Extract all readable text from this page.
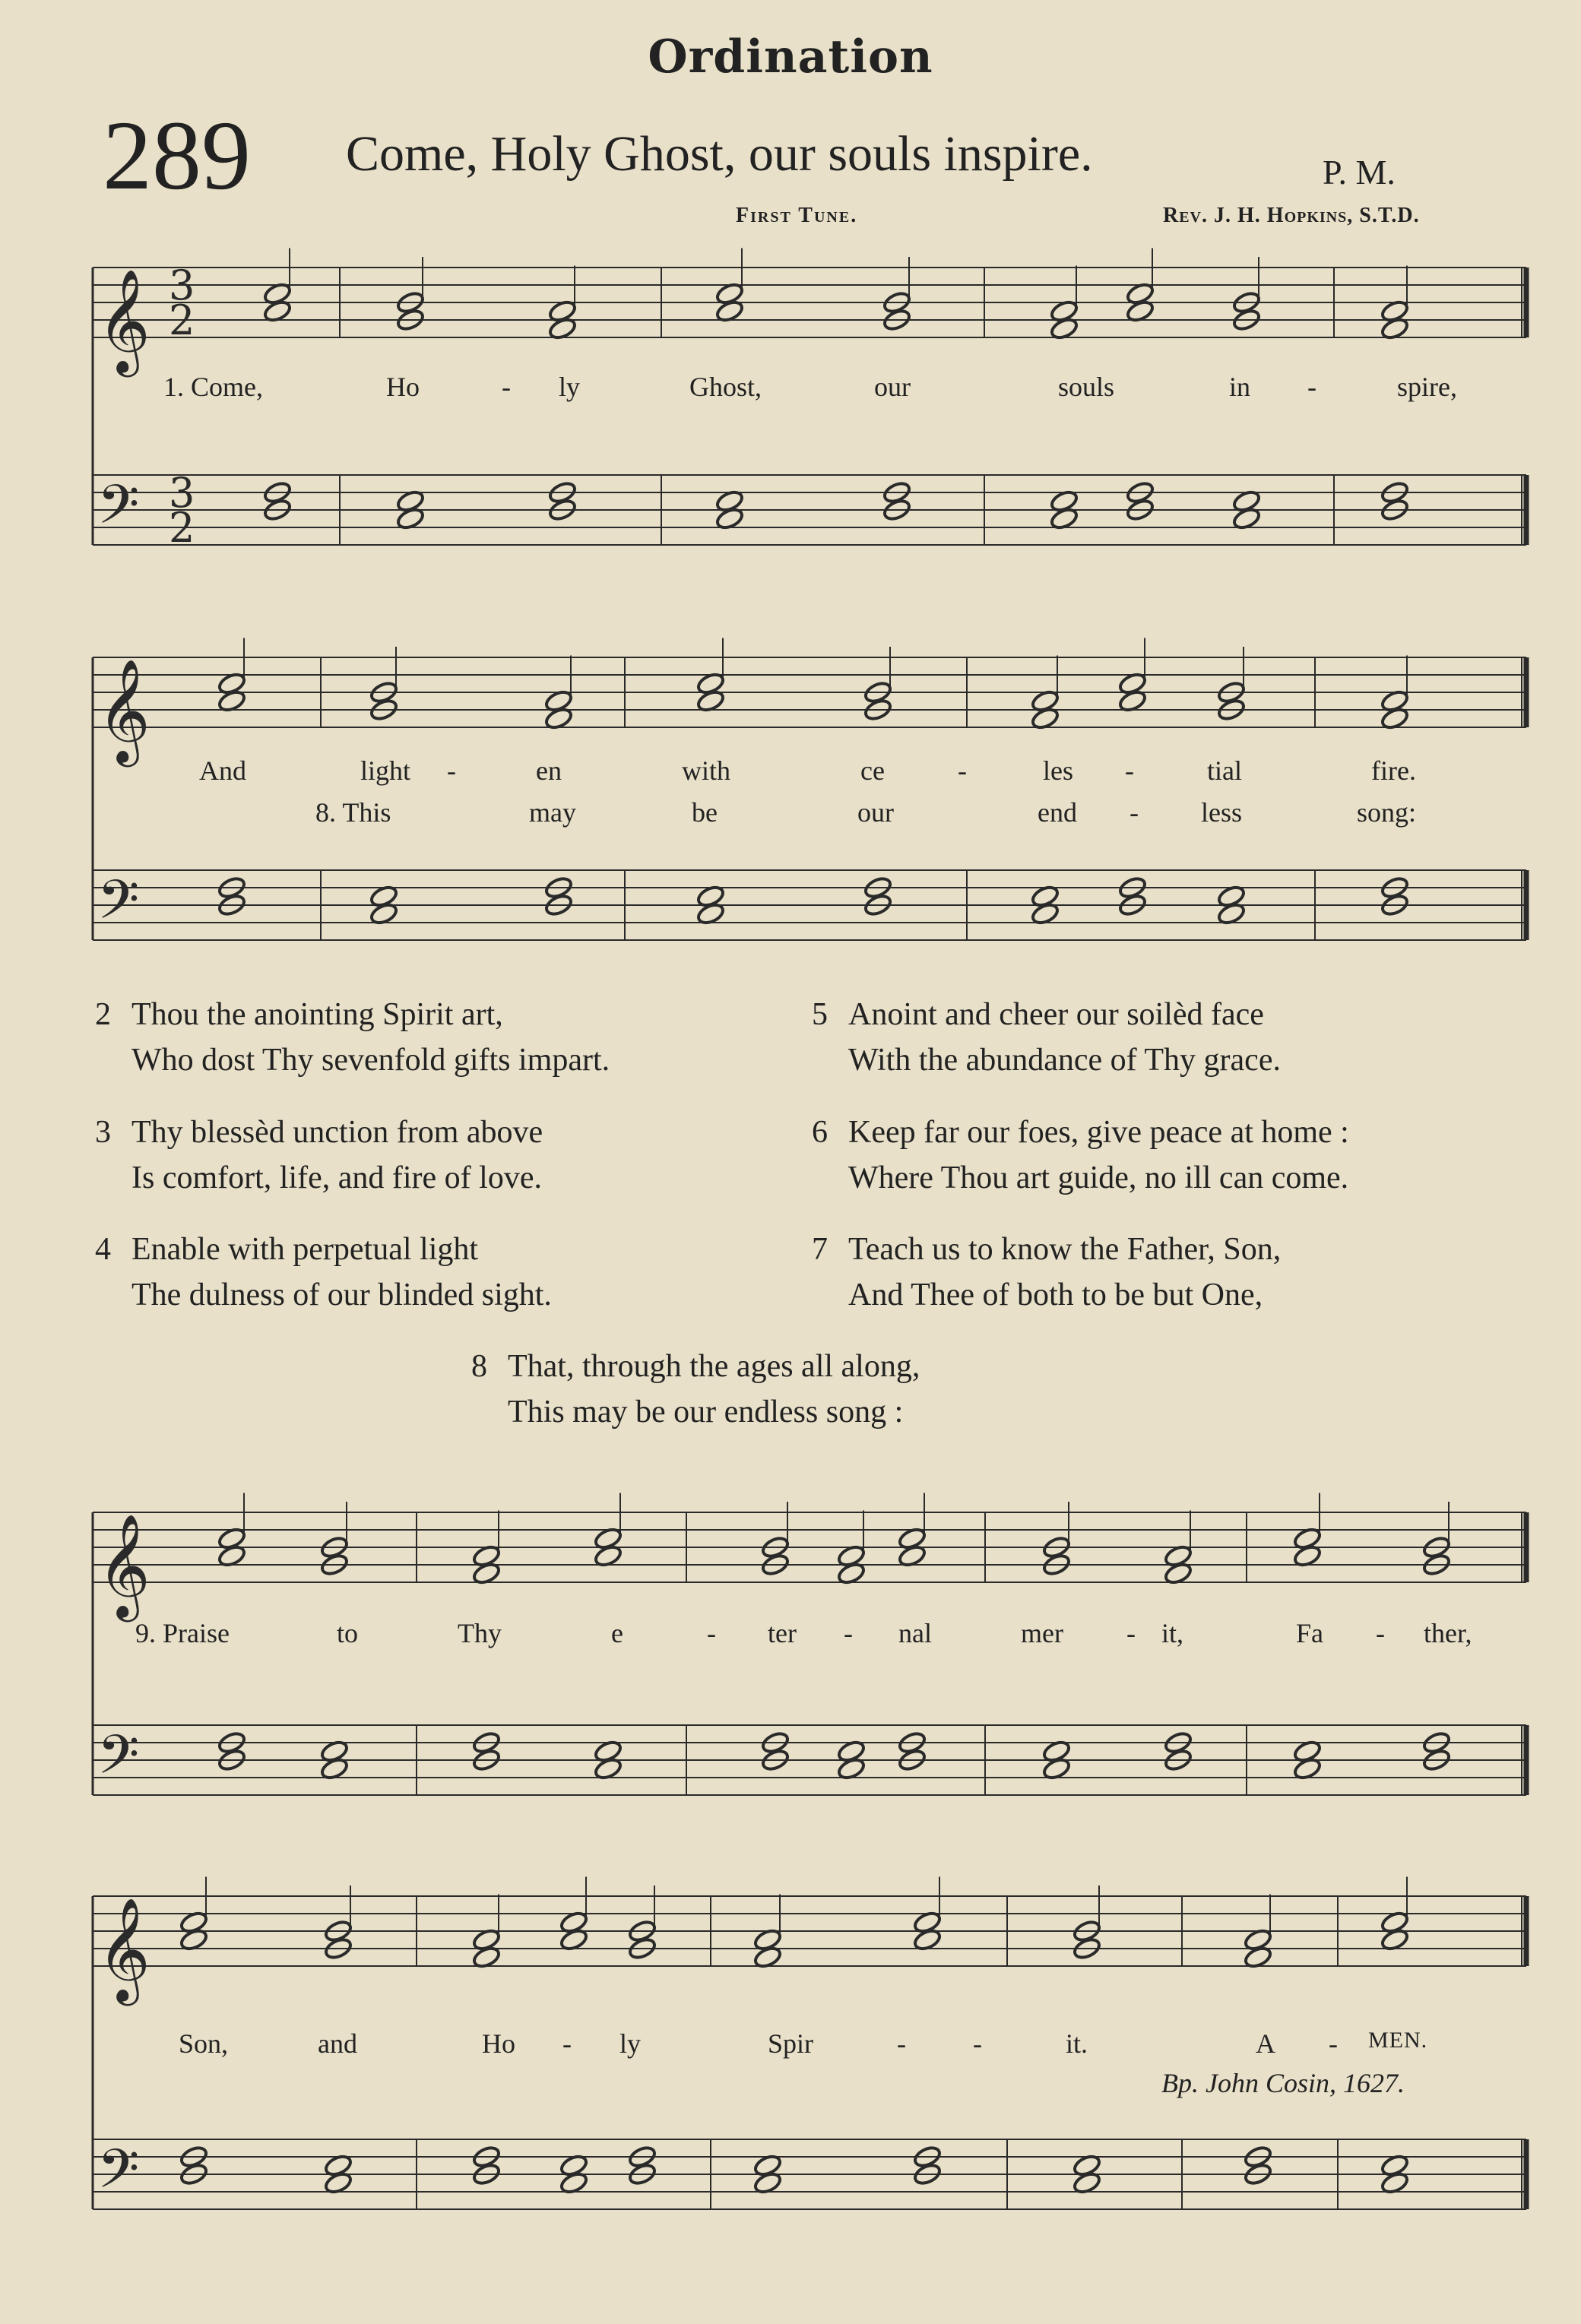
Ordination
289 Come, Holy Ghost, our souls inspire.	P. M.
First Tune.	Rev. J. H. Hopkins, S.T.D.
𝄞
𝄢
3
2
3
2
𝄞
𝄢
𝄞
𝄢
𝄞
𝄢
1. Come,	Ho	- ly	Ghost,	our	souls	in -	spire,
And	light -	en	with	ce	-	les -	tial	fire.
8. This	may	be	our	end - less	song:
2 Thou the anointing Spirit art,
Who dost Thy sevenfold gifts impart.
3 Thy blessèd unction from above
Is comfort, life, and fire of love.
4 Enable with perpetual light
The dulness of our blinded sight.
5 Anoint and cheer our soilèd face
With the abundance of Thy grace.
6 Keep far our foes, give peace at home :
Where Thou art guide, no ill can come.
7 Teach us to know the Father, Son,
And Thee of both to be but One,
8 That, through the ages all along,
This may be our endless song :
9. Praise	to	Thy	e	- ter - nal	mer - it,	Fa - ther,
Son,	and	Ho - ly	Spir	- -	it.	A - MEN.
Bp. John Cosin, 1627.
